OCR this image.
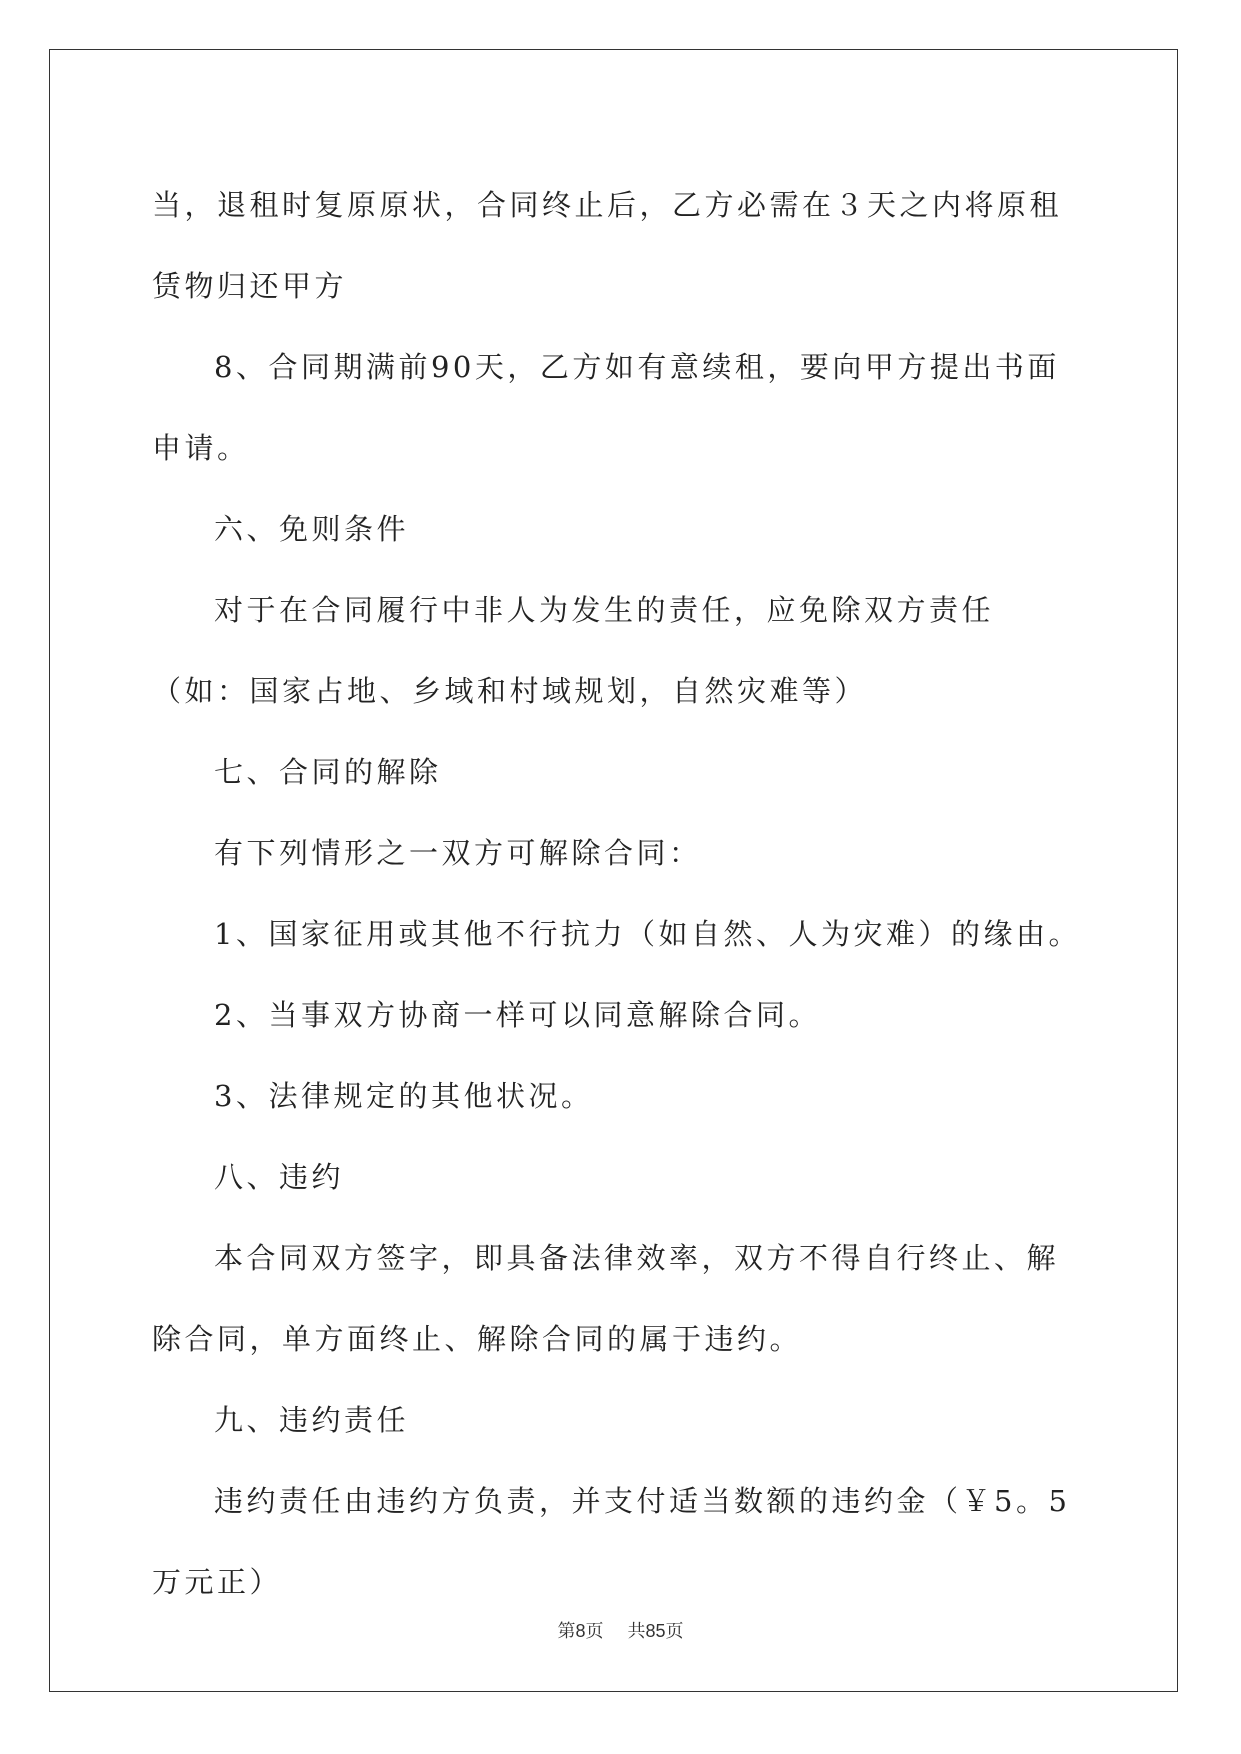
当，退租时复原原状，合同终止后，乙方必需在３天之内将原租赁物归还甲方

8、合同期满前90天，乙方如有意续租，要向甲方提出书面申请。

六、免则条件

对于在合同履行中非人为发生的责任，应免除双方责任（如：国家占地、乡域和村域规划，自然灾难等）

七、合同的解除

有下列情形之一双方可解除合同：

1、国家征用或其他不行抗力（如自然、人为灾难）的缘由。

2、当事双方协商一样可以同意解除合同。

3、法律规定的其他状况。

八、违约

本合同双方签字，即具备法律效率，双方不得自行终止、解除合同，单方面终止、解除合同的属于违约。

九、违约责任

违约责任由违约方负责，并支付适当数额的违约金（￥5。5万元正）

第8页 共85页
